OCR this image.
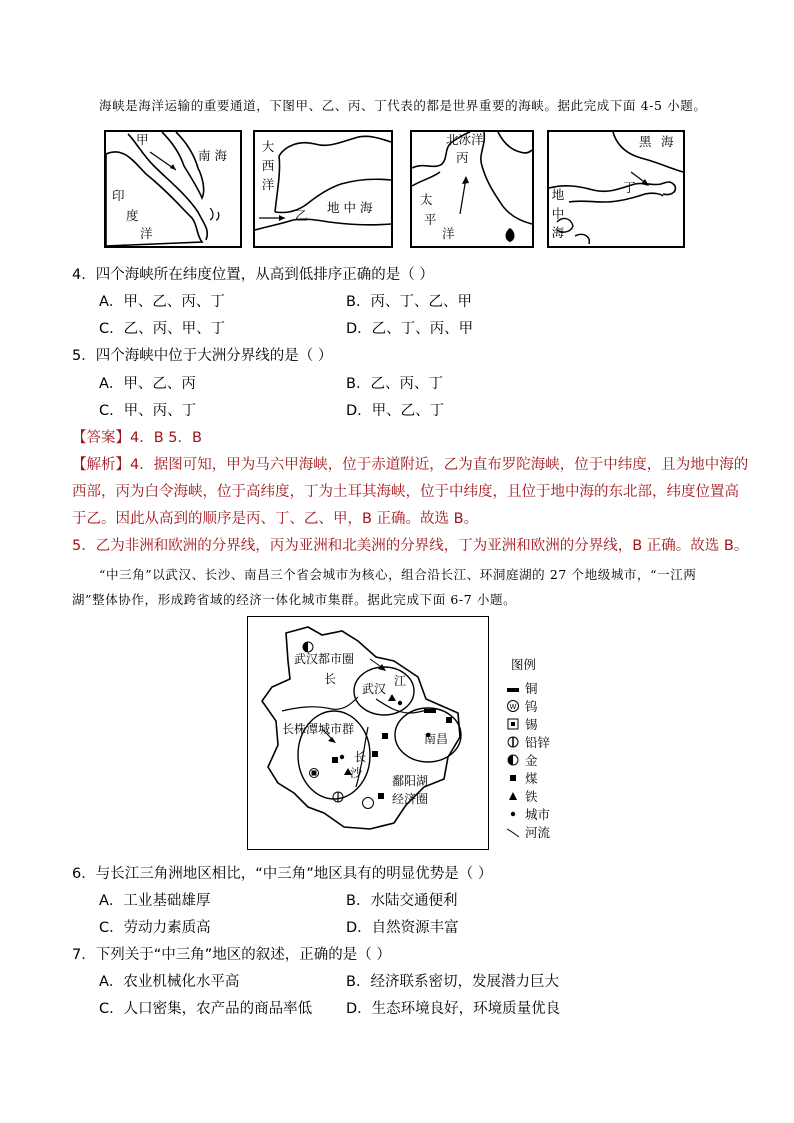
海峡是海洋运输的重要通道，下图甲、乙、丙、丁代表的都是世界重要的海峡。据此完成下面 4-5 小题。
甲
南 海
印
度
洋
大
西
洋
乙
地 中 海
北冰洋
丙
太
平
洋
黑 海
丁
地
中
海
4．四个海峡所在纬度位置，从高到低排序正确的是（ ）
A．甲、乙、丙、丁	B．丙、丁、乙、甲
C．乙、丙、甲、丁	D．乙、丁、丙、甲
5．四个海峡中位于大洲分界线的是（ ）
A．甲、乙、丙	B．乙、丙、丁
C．甲、丙、丁	D．甲、乙、丁
【答案】4．B 5．B
【解析】4．据图可知，甲为马六甲海峡，位于赤道附近，乙为直布罗陀海峡，位于中纬度，且为地中海的
西部，丙为白令海峡，位于高纬度，丁为土耳其海峡，位于中纬度，且位于地中海的东北部，纬度位置高
于乙。因此从高到的顺序是丙、丁、乙、甲，B 正确。故选 B。
5．乙为非洲和欧洲的分界线，丙为亚洲和北美洲的分界线，丁为亚洲和欧洲的分界线，B 正确。故选 B。
“中三角”以武汉、长沙、南昌三个省会城市为核心，组合沿长江、环洞庭湖的 27 个地级城市，“一江两
湖”整体协作，形成跨省域的经济一体化城市集群。据此完成下面 6-7 小题。
武汉都市圈
长
武汉
江
长株潭城市群
南昌
长
沙
鄱阳湖
经济圈
图例
铜
W 钨
锡
铅锌
金
煤
铁
城市
河流
6．与长江三角洲地区相比，“中三角”地区具有的明显优势是（ ）
A．工业基础雄厚	B．水陆交通便利
C．劳动力素质高	D．自然资源丰富
7．下列关于“中三角”地区的叙述，正确的是（ ）
A．农业机械化水平高	B．经济联系密切，发展潜力巨大
C．人口密集，农产品的商品率低 D．生态环境良好，环境质量优良
